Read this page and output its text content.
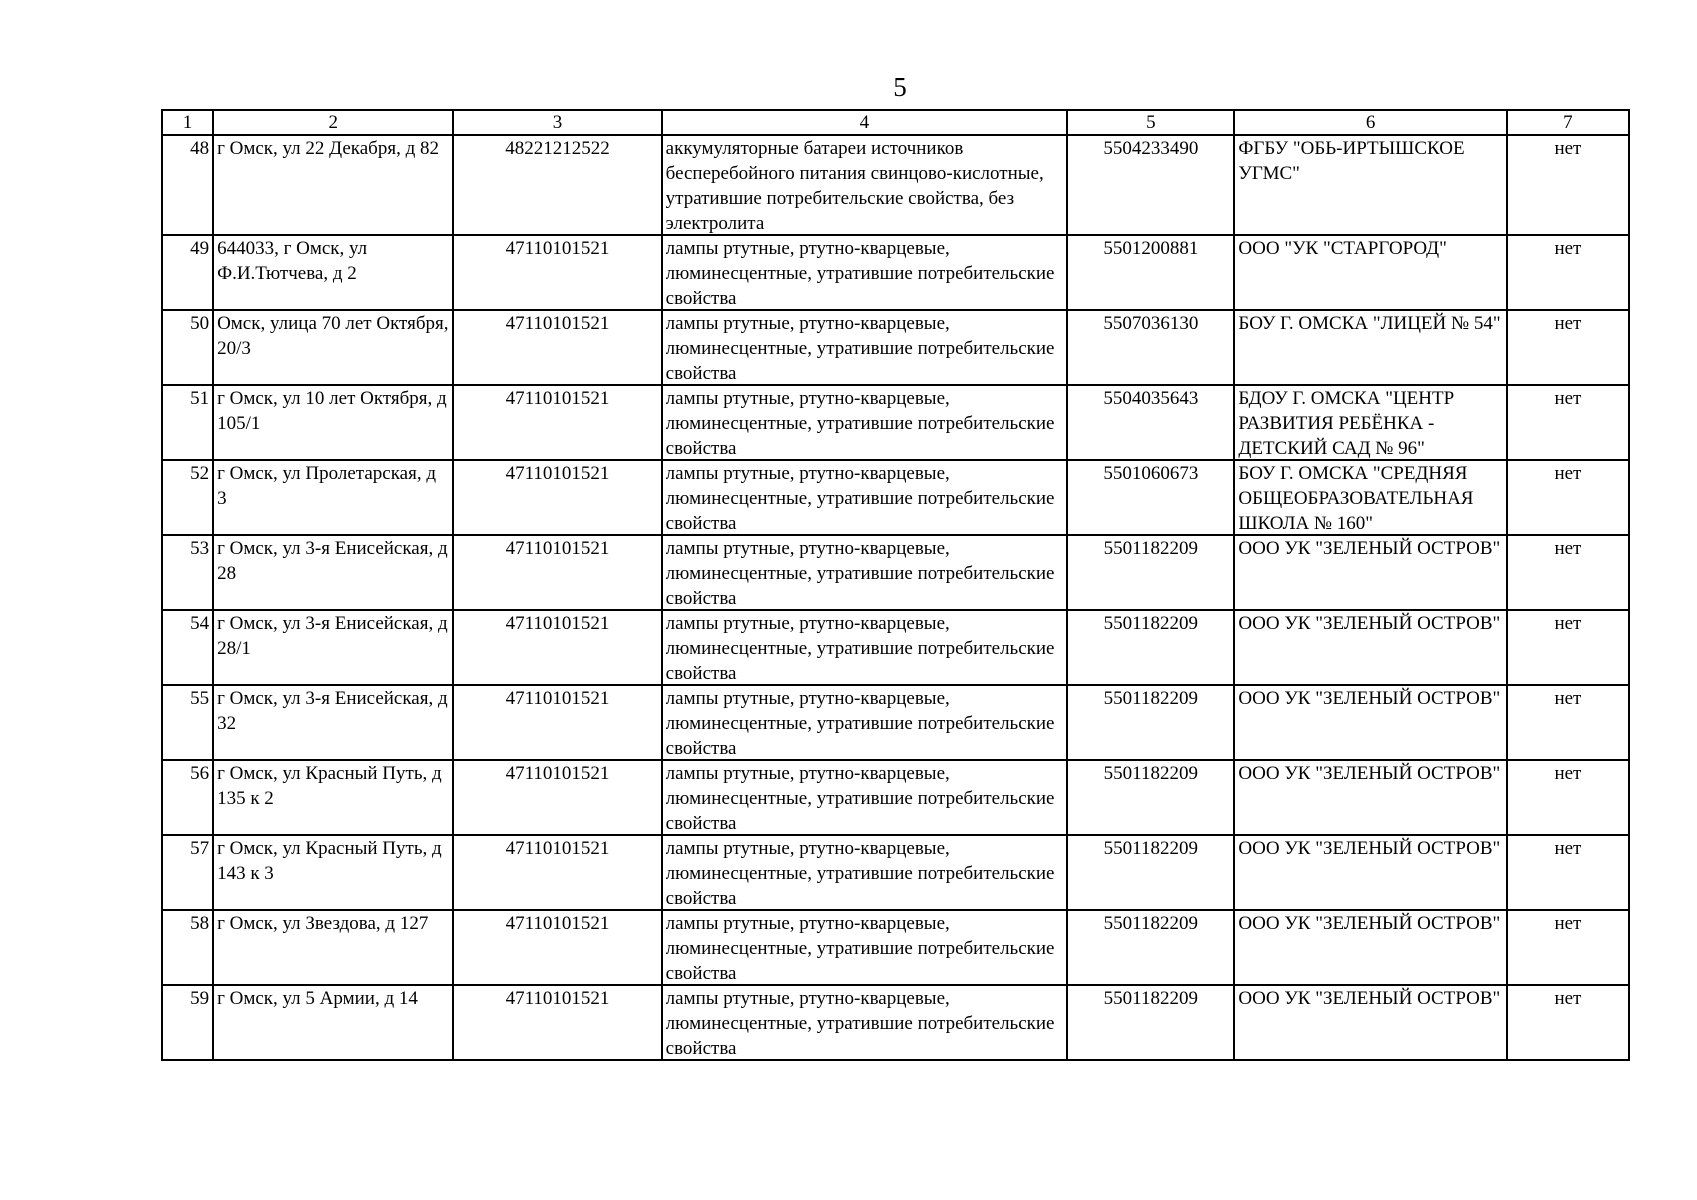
5
1	2	3	4	5	6	7
48	г Омск, ул 22 Декабря, д 82	48221212522	аккумуляторные батареи источников бесперебойного питания свинцово-кислотные, утратившие потребительские свойства, без электролита	5504233490	ФГБУ "ОБЬ-ИРТЫШСКОЕ УГМС"	нет
49	644033, г Омск, ул Ф.И.Тютчева, д 2	47110101521	лампы ртутные, ртутно-кварцевые, люминесцентные, утратившие потребительские свойства	5501200881	ООО "УК "СТАРГОРОД"	нет
50	Омск, улица 70 лет Октября, 20/3	47110101521	лампы ртутные, ртутно-кварцевые, люминесцентные, утратившие потребительские свойства	5507036130	БОУ Г. ОМСКА "ЛИЦЕЙ № 54"	нет
51	г Омск, ул 10 лет Октября, д 105/1	47110101521	лампы ртутные, ртутно-кварцевые, люминесцентные, утратившие потребительские свойства	5504035643	БДОУ Г. ОМСКА "ЦЕНТР РАЗВИТИЯ РЕБЁНКА - ДЕТСКИЙ САД № 96"	нет
52	г Омск, ул Пролетарская, д 3	47110101521	лампы ртутные, ртутно-кварцевые, люминесцентные, утратившие потребительские свойства	5501060673	БОУ Г. ОМСКА "СРЕДНЯЯ ОБЩЕОБРАЗОВАТЕЛЬНАЯ ШКОЛА № 160"	нет
53	г Омск, ул 3-я Енисейская, д 28	47110101521	лампы ртутные, ртутно-кварцевые, люминесцентные, утратившие потребительские свойства	5501182209	ООО УК "ЗЕЛЕНЫЙ ОСТРОВ"	нет
54	г Омск, ул 3-я Енисейская, д 28/1	47110101521	лампы ртутные, ртутно-кварцевые, люминесцентные, утратившие потребительские свойства	5501182209	ООО УК "ЗЕЛЕНЫЙ ОСТРОВ"	нет
55	г Омск, ул 3-я Енисейская, д 32	47110101521	лампы ртутные, ртутно-кварцевые, люминесцентные, утратившие потребительские свойства	5501182209	ООО УК "ЗЕЛЕНЫЙ ОСТРОВ"	нет
56	г Омск, ул Красный Путь, д 135 к 2	47110101521	лампы ртутные, ртутно-кварцевые, люминесцентные, утратившие потребительские свойства	5501182209	ООО УК "ЗЕЛЕНЫЙ ОСТРОВ"	нет
57	г Омск, ул Красный Путь, д 143 к 3	47110101521	лампы ртутные, ртутно-кварцевые, люминесцентные, утратившие потребительские свойства	5501182209	ООО УК "ЗЕЛЕНЫЙ ОСТРОВ"	нет
58	г Омск, ул Звездова, д 127	47110101521	лампы ртутные, ртутно-кварцевые, люминесцентные, утратившие потребительские свойства	5501182209	ООО УК "ЗЕЛЕНЫЙ ОСТРОВ"	нет
59	г Омск, ул 5 Армии, д 14	47110101521	лампы ртутные, ртутно-кварцевые, люминесцентные, утратившие потребительские свойства	5501182209	ООО УК "ЗЕЛЕНЫЙ ОСТРОВ"	нет
